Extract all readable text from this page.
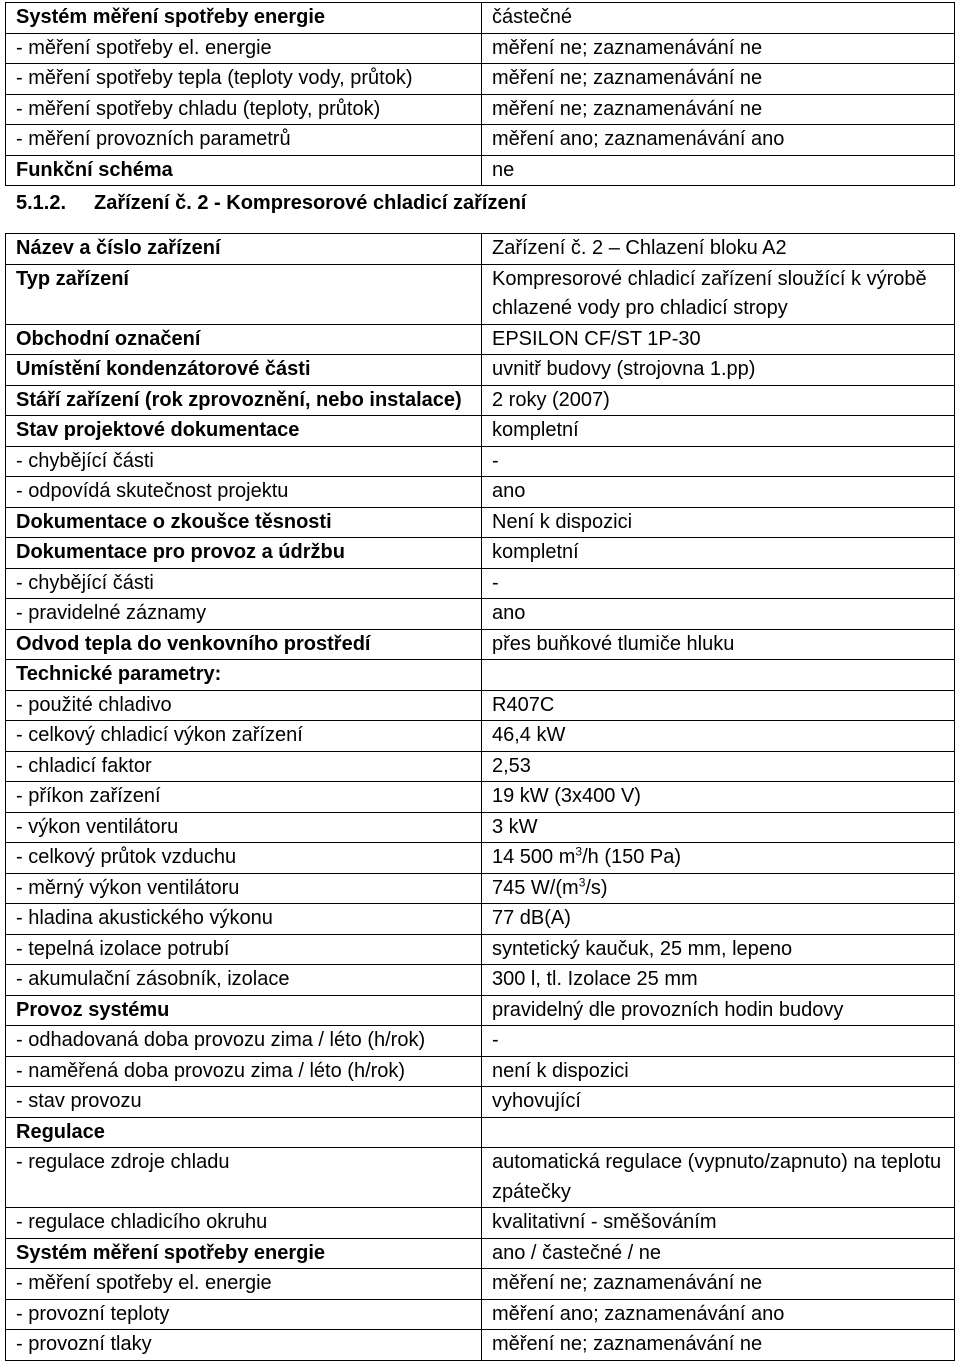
Systém měření spotřeby energie	částečné
- měření spotřeby el. energie	měření ne; zaznamenávání ne
- měření spotřeby tepla (teploty vody, průtok)	měření ne; zaznamenávání ne
- měření spotřeby chladu (teploty, průtok)	měření ne; zaznamenávání ne
- měření provozních parametrů	měření ano; zaznamenávání ano
Funkční schéma	ne
5.1.2. Zařízení č. 2 - Kompresorové chladicí zařízení
Název a číslo zařízení	Zařízení č. 2 – Chlazení bloku A2
Typ zařízení	Kompresorové chladicí zařízení sloužící k výrobě chlazené vody pro chladicí stropy
Obchodní označení	EPSILON CF/ST 1P-30
Umístění kondenzátorové části	uvnitř budovy (strojovna 1.pp)
Stáří zařízení (rok zprovoznění, nebo instalace)	2 roky (2007)
Stav projektové dokumentace	kompletní
- chybějící části	-
- odpovídá skutečnost projektu	ano
Dokumentace o zkoušce těsnosti	Není k dispozici
Dokumentace pro provoz a údržbu	kompletní
- chybějící části	-
- pravidelné záznamy	ano
Odvod tepla do venkovního prostředí	přes buňkové tlumiče hluku
Technické parametry:	
- použité chladivo	R407C
- celkový chladicí výkon zařízení	46,4 kW
- chladicí faktor	2,53
- příkon zařízení	19 kW (3x400 V)
- výkon ventilátoru	3 kW
- celkový průtok vzduchu	14 500 $m^3/h$ (150 Pa)
- měrný výkon ventilátoru	745 $W/(m^3/s)$
- hladina akustického výkonu	77 dB(A)
- tepelná izolace potrubí	syntetický kaučuk, 25 mm, lepeno
- akumulační zásobník, izolace	300 l, tl. Izolace 25 mm
Provoz systému	pravidelný dle provozních hodin budovy
- odhadovaná doba provozu zima / léto (h/rok)	-
- naměřená doba provozu zima / léto (h/rok)	není k dispozici
- stav provozu	vyhovující
Regulace	
- regulace zdroje chladu	automatická regulace (vypnuto/zapnuto) na teplotu zpátečky
- regulace chladicího okruhu	kvalitativní - směšováním
Systém měření spotřeby energie	ano / častečné / ne
- měření spotřeby el. energie	měření ne; zaznamenávání ne
- provozní teploty	měření ano; zaznamenávání ano
- provozní tlaky	měření ne; zaznamenávání ne
